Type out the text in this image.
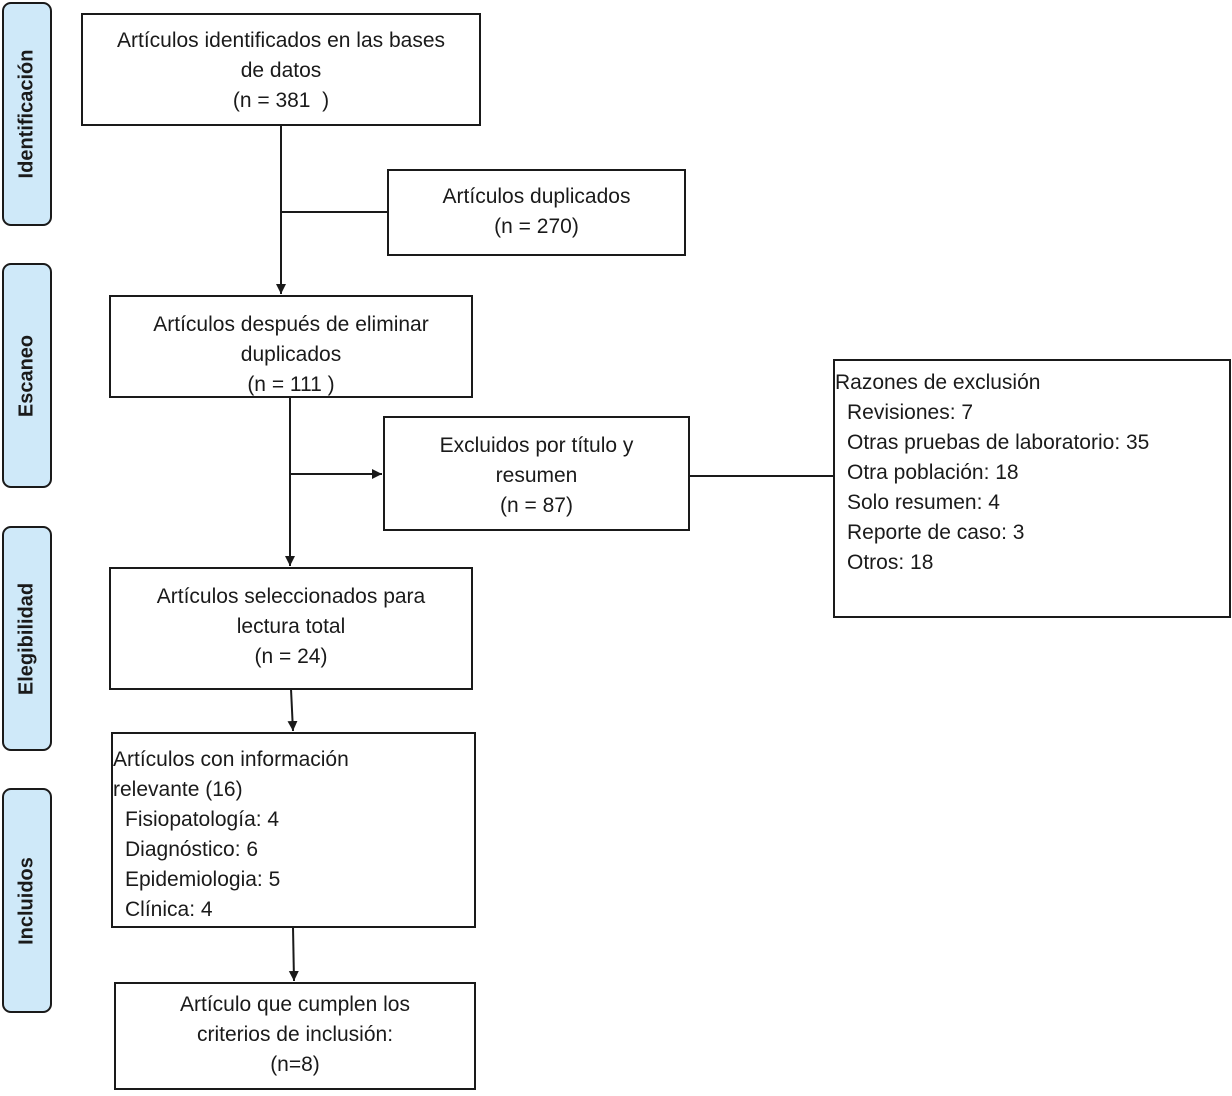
Identificación
Escaneo
Elegibilidad
Incluidos
Artículos identificados en las bases
de datos
(n = 381  )
Artículos duplicados
(n = 270)
Artículos después de eliminar
duplicados
(n = 111 )
Excluidos por título y
resumen
(n = 87)
Razones de exclusión
Revisiones: 7
Otras pruebas de laboratorio: 35
Otra población: 18
Solo resumen: 4
Reporte de caso: 3
Otros: 18
Artículos seleccionados para
lectura total
(n = 24)
Artículos con información
relevante (16)
Fisiopatología: 4
Diagnóstico: 6
Epidemiologia: 5
Clínica: 4
Artículo que cumplen los
criterios de inclusión:
(n=8)
